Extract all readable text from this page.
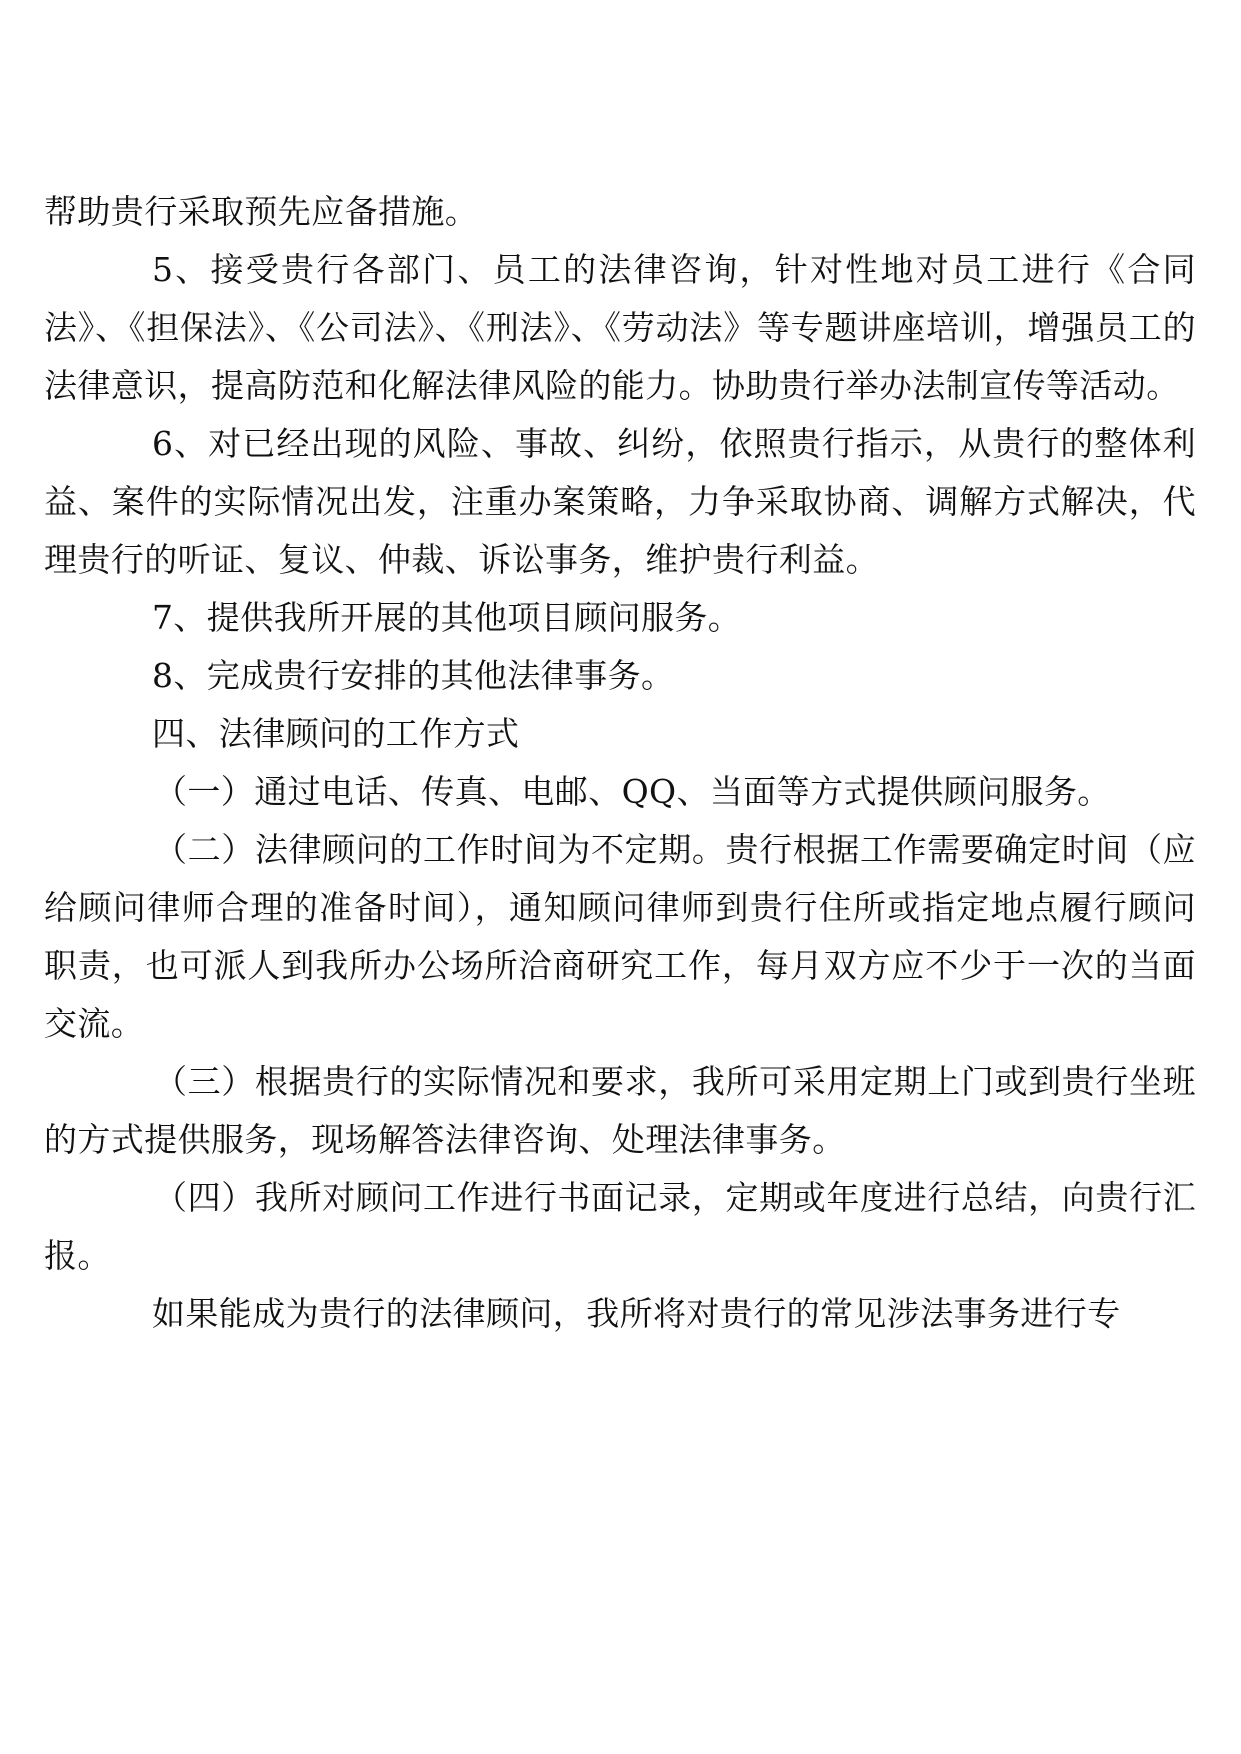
帮助贵行采取预先应备措施。

5、接受贵行各部门、员工的法律咨询，针对性地对员工进行《合同法》、《担保法》、《公司法》、《刑法》、《劳动法》等专题讲座培训，增强员工的法律意识，提高防范和化解法律风险的能力。协助贵行举办法制宣传等活动。

6、对已经出现的风险、事故、纠纷，依照贵行指示，从贵行的整体利益、案件的实际情况出发，注重办案策略，力争采取协商、调解方式解决，代理贵行的听证、复议、仲裁、诉讼事务，维护贵行利益。

7、提供我所开展的其他项目顾问服务。

8、完成贵行安排的其他法律事务。

四、法律顾问的工作方式

（一）通过电话、传真、电邮、QQ、当面等方式提供顾问服务。

（二）法律顾问的工作时间为不定期。贵行根据工作需要确定时间（应给顾问律师合理的准备时间），通知顾问律师到贵行住所或指定地点履行顾问职责，也可派人到我所办公场所洽商研究工作，每月双方应不少于一次的当面交流。

（三）根据贵行的实际情况和要求，我所可采用定期上门或到贵行坐班的方式提供服务，现场解答法律咨询、处理法律事务。

（四）我所对顾问工作进行书面记录，定期或年度进行总结，向贵行汇报。

如果能成为贵行的法律顾问，我所将对贵行的常见涉法事务进行专
